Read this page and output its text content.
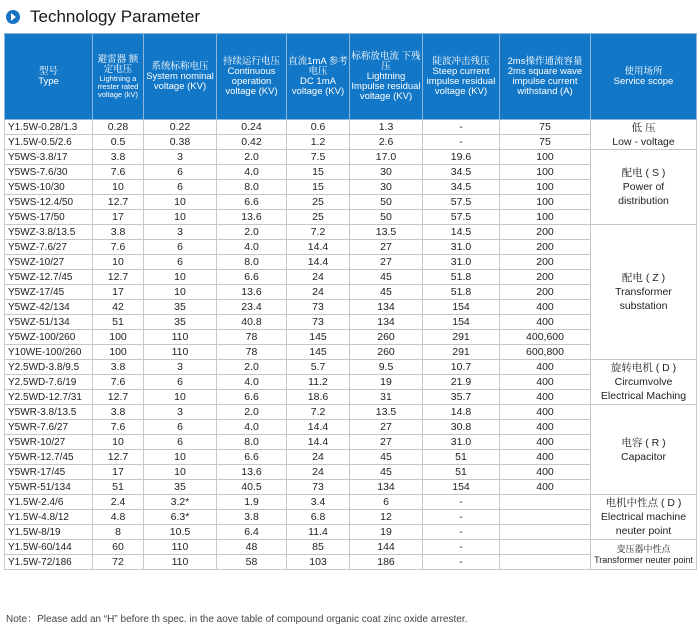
Technology Parameter
型号
Type	避雷器 额定电压
Lightning a rrester rated voltage (kV)	系统标称电压
System nominal voltage (KV)	持续运行电压
Continuous operation voltage (KV)	直流1mA 参考电压
DC 1mA voltage (KV)	标称放电流 下残压
Lightning Impulse residual voltage (KV)	陡波冲击残压
Steep current impulse residual voltage (KV)	2ms操作通流容量
2ms square wave impulse current withstand (A)	使用场所
Service scope

Y1.5W-0.28/1.3	0.28	0.22	0.24	0.6	1.3	-	75	低 压
Low - voltage

Y1.5W-0.5/2.6	0.5	0.38	0.42	1.2	2.6	-	75	
Y5WS-3.8/17	3.8	3	2.0	7.5	17.0	19.6	100	配电 ( S )
Power of
distribution

Y5WS-7.6/30	7.6	6	4.0	15	30	34.5	100	
Y5WS-10/30	10	6	8.0	15	30	34.5	100	
Y5WS-12.4/50	12.7	10	6.6	25	50	57.5	100	
Y5WS-17/50	17	10	13.6	25	50	57.5	100	
Y5WZ-3.8/13.5	3.8	3	2.0	7.2	13.5	14.5	200	配电 ( Z )
Transformer
substation

Y5WZ-7.6/27	7.6	6	4.0	14.4	27	31.0	200	
Y5WZ-10/27	10	6	8.0	14.4	27	31.0	200	
Y5WZ-12.7/45	12.7	10	6.6	24	45	51.8	200	
Y5WZ-17/45	17	10	13.6	24	45	51.8	200	
Y5WZ-42/134	42	35	23.4	73	134	154	400	
Y5WZ-51/134	51	35	40.8	73	134	154	400	
Y5WZ-100/260	100	110	78	145	260	291	400,600	
Y10WE-100/260	100	110	78	145	260	291	600,800	
Y2.5WD-3.8/9.5	3.8	3	2.0	5.7	9.5	10.7	400	旋转电机 ( D )
Circumvolve
Electrical Maching

Y2.5WD-7.6/19	7.6	6	4.0	11.2	19	21.9	400	
Y2.5WD-12.7/31	12.7	10	6.6	18.6	31	35.7	400	
Y5WR-3.8/13.5	3.8	3	2.0	7.2	13.5	14.8	400	电容 ( R )
Capacitor

Y5WR-7.6/27	7.6	6	4.0	14.4	27	30.8	400	
Y5WR-10/27	10	6	8.0	14.4	27	31.0	400	
Y5WR-12.7/45	12.7	10	6.6	24	45	51	400	
Y5WR-17/45	17	10	13.6	24	45	51	400	
Y5WR-51/134	51	35	40.5	73	134	154	400	
Y1.5W-2.4/6	2.4	3.2*	1.9	3.4	6	-		电机中性点 ( D )
Electrical machine
neuter point

Y1.5W-4.8/12	4.8	6.3*	3.8	6.8	12	-		
Y1.5W-8/19	8	10.5	6.4	11.4	19	-		
Y1.5W-60/144	60	110	48	85	144	-		变压器中性点
Transformer neuter point

Y1.5W-72/186	72	110	58	103	186	-		
Note：Please add an “H” before th spec. in the aove table of compound organic coat zinc oxide arrester.
